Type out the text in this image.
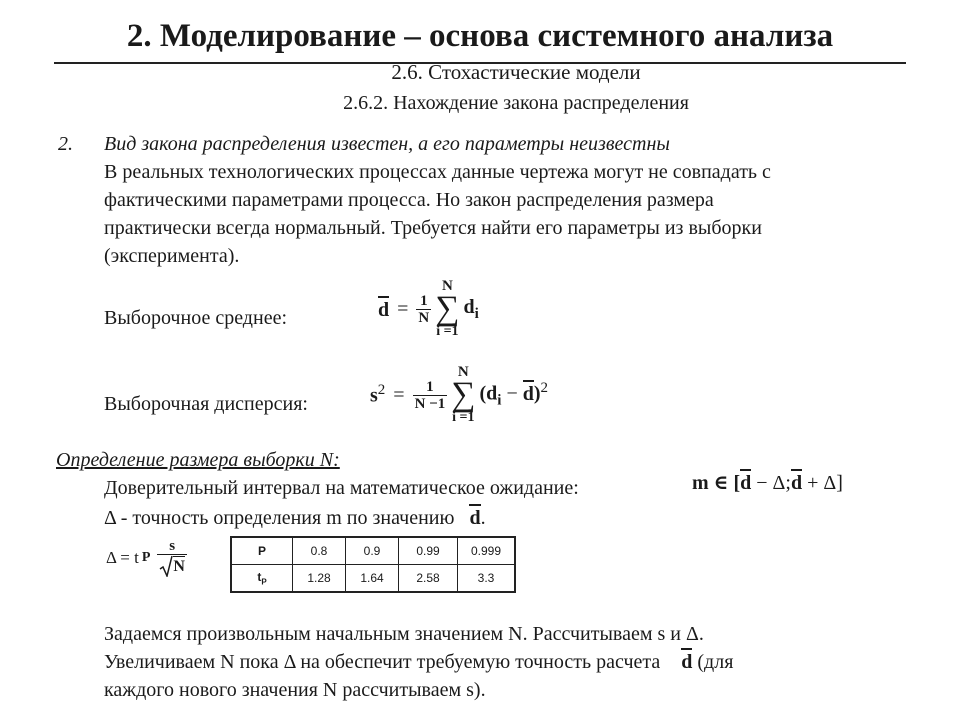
2. Моделирование – основа системного анализа
2.6. Стохастические модели
2.6.2. Нахождение закона распределения
2. Вид закона распределения известен, а его параметры неизвестны
В реальных технологических процессах данные чертежа могут не совпадать с
фактическими параметрами процесса. Но закон распределения размера
практически всегда нормальный. Требуется найти его параметры из выборки
(эксперимента).
Выборочное среднее:	$d = \frac{1}{N}$
N
∑
i =1
$d_i$
Выборочная дисперсия:	$s^2 = \frac{1}{N -1}$
N
∑
i =1
$(d_i - d)^2$
Определение размера выборки N:
Доверительный интервал на математическое ожидание:	m ∈ [d − Δ;d + Δ]
Δ - точность определения m по значению d.
Δ = t P $\frac{s}{N}$	P	0.8	0.9	0.99	0.999
$t_P$	1.28	1.64	2.58	3.3
Задаемся произвольным начальным значением N. Рассчитываем s и Δ.
Увеличиваем N пока Δ на обеспечит требуемую точность расчета d (для
каждого нового значения N рассчитываем s).
